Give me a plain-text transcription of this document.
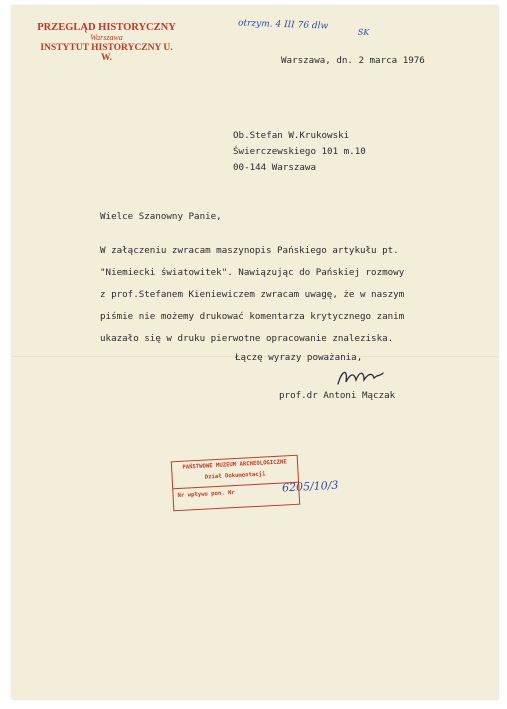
PRZEGLĄD HISTORYCZNY
Warszawa
INSTYTUT HISTORYCZNY U. W.
otrzym. 4 III 76 dlw
SK
Warszawa, dn. 2 marca 1976
Ob.Stefan W.Krukowski
Świerczewskiego 101 m.10
00-144 Warszawa
Wielce Szanowny Panie,
W załączeniu zwracam maszynopis Pańskiego artykułu pt.
"Niemiecki światowitek". Nawiązując do Pańskiej rozmowy
z prof.Stefanem Kieniewiczem zwracam uwagę, że w naszym
piśmie nie możemy drukować komentarza krytycznego zanim
ukazało się w druku pierwotne opracowanie znaleziska.
Łączę wyrazy poważania,
prof.dr Antoni Mączak
PAŃSTWOWE MUZEUM ARCHEOLOGICZNE
Dział Dokumentacji
Nr wpływu pon. Nr
6205/10/3
